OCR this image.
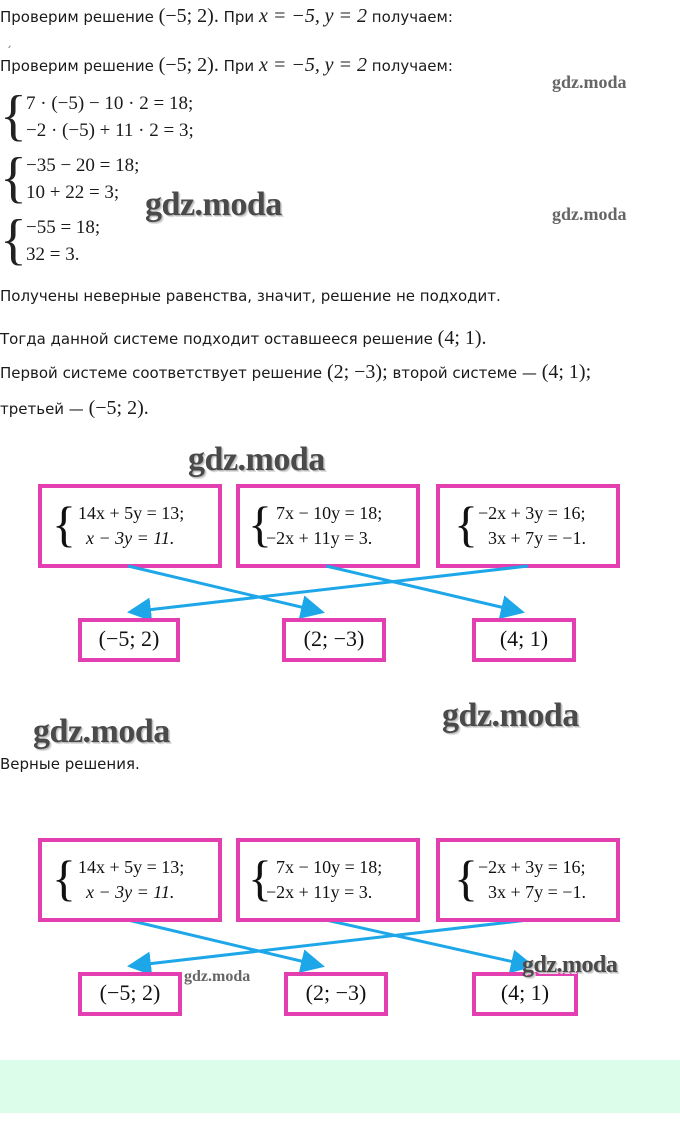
Проверим решение (−5; 2). При x = −5, y = 2 получаем:
ˏ
Проверим решение (−5; 2). При x = −5, y = 2 получаем:
{ 7 · (−5) − 10 · 2 = 18;
−2 · (−5) + 11 · 2 = 3;
{ −35 − 20 = 18;
10 + 22 = 3;
{ −55 = 18;
32 = 3.
gdz.moda
gdz.moda	gdz.moda
Получены неверные равенства, значит, решение не подходит.
Тогда данной системе подходит оставшееся решение (4; 1).
Первой системе соответствует решение (2; −3); второй системе — (4; 1);
третьей — (−5; 2).
gdz.moda
{ 14x + 5y = 13;
x − 3y = 11. { 7x − 10y = 18;
−2x + 11y = 3. { −2x + 3y = 16;
3x + 7y = −1.
(−5; 2)	(2; −3)	(4; 1)
gdz.moda
gdz.moda
Верные решения.
{ 14x + 5y = 13;
x − 3y = 11. { 7x − 10y = 18;
−2x + 11y = 3. { −2x + 3y = 16;
3x + 7y = −1.
(−5; 2)	(2; −3)	(4; 1)
gdz.moda	gdz.moda
